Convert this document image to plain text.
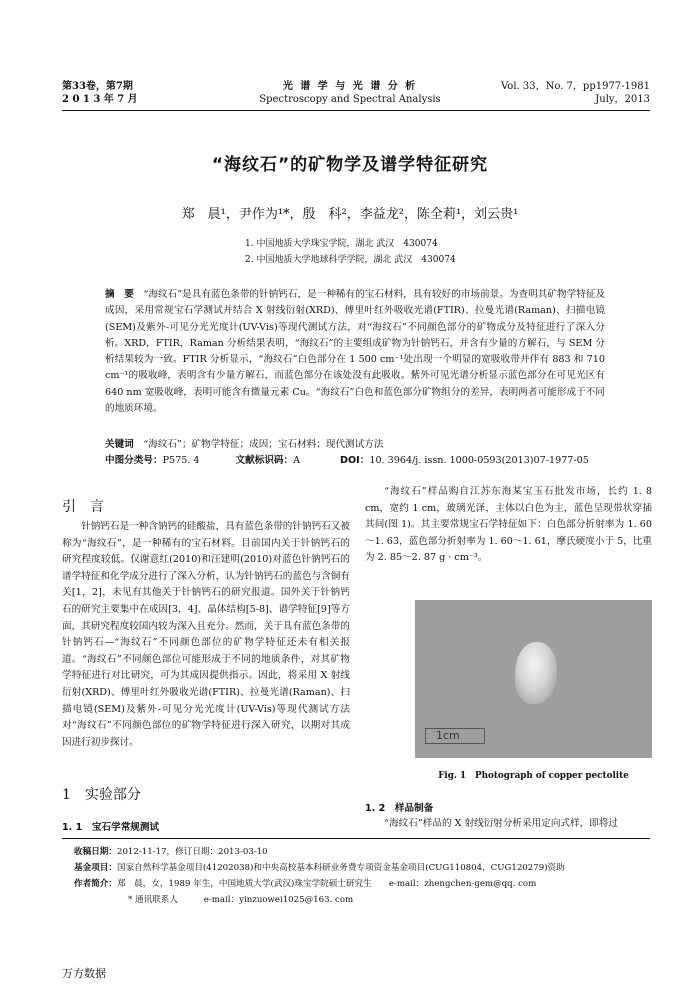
第33卷，第7期
2 0 1 3 年 7 月
光 谱 学 与 光 谱 分 析
Spectroscopy and Spectral Analysis
Vol. 33，No. 7，pp1977-1981
July，2013
“海纹石”的矿物学及谱学特征研究
郑　晨¹，尹作为¹*，殷　科²，李益龙²，陈全莉¹，刘云贵¹
1. 中国地质大学珠宝学院，湖北 武汉　430074
2. 中国地质大学地球科学学院，湖北 武汉　430074
摘　要　 “海纹石”是具有蓝色条带的针钠钙石，是一种稀有的宝石材料，具有较好的市场前景。为查明其矿物学特征及成因，采用常规宝石学测试并结合 X 射线衍射(XRD)、傅里叶红外吸收光谱(FTIR)、拉曼光谱(Raman)、扫描电镜(SEM)及紫外-可见分光光度计(UV-Vis)等现代测试方法，对“海纹石”不同颜色部分的矿物成分及特征进行了深入分析。XRD，FTIR，Raman 分析结果表明，“海纹石”的主要组成矿物为针钠钙石，并含有少量的方解石，与 SEM 分析结果较为一致。FTIR 分析显示，“海纹石”白色部分在 1 500 cm⁻¹处出现一个明显的宽吸收带并伴有 883 和 710 cm⁻¹的吸收峰，表明含有少量方解石，而蓝色部分在该处没有此吸收。紫外可见光谱分析显示蓝色部分在可见光区有 640 nm 宽吸收峰，表明可能含有微量元素 Cu。“海纹石”白色和蓝色部分矿物组分的差异，表明两者可能形成于不同的地质环境。
关键词　 “海纹石”；矿物学特征；成因；宝石材料；现代测试方法
中图分类号：P575. 4	文献标识码：A	DOI：10. 3964/j. issn. 1000-0593(2013)07-1977-05
引　言
针钠钙石是一种含钠钙的硅酸盐，具有蓝色条带的针钠钙石又被称为“海纹石”，是一种稀有的宝石材料。目前国内关于针钠钙石的研究程度较低。仅谢意红(2010)和汪建明(2010)对蓝色针钠钙石的谱学特征和化学成分进行了深入分析，认为针钠钙石的蓝色与含铜有关[1，2]，未见有其他关于针钠钙石的研究报道。国外关于针钠钙石的研究主要集中在成因[3，4]、晶体结构[5-8]、谱学特征[9]等方面，其研究程度较国内较为深入且充分。然而，关于具有蓝色条带的针钠钙石—“海纹石”不同颜色部位的矿物学特征还未有相关报道。“海纹石”不同颜色部位可能形成于不同的地质条件，对其矿物学特征进行对比研究，可为其成因提供指示。因此，将采用 X 射线衍射(XRD)、傅里叶红外吸收光谱(FTIR)、拉曼光谱(Raman)、扫描电镜(SEM)及紫外-可见分光光度计(UV-Vis)等现代测试方法对“海纹石”不同颜色部位的矿物学特征进行深入研究，以期对其成因进行初步探讨。
1　实验部分
1. 1　宝石学常规测试
“海纹石”样品购自江苏东海某宝玉石批发市场，长约 1. 8 cm，宽约 1 cm，玻璃光泽，主体以白色为主，蓝色呈现带状穿插其间(图 1)。其主要常规宝石学特征如下：白色部分折射率为 1. 60～1. 63，蓝色部分折射率为 1. 60～1. 61，摩氏硬度小于 5，比重为 2. 85～2. 87 g · cm⁻³。
1cm
Fig. 1　Photograph of copper pectolite
1. 2　样品制备
“海纹石”样品的 X 射线衍射分析采用定向式样，即将过
收稿日期：2012-11-17，修订日期：2013-03-10
基金项目：国家自然科学基金项目(41202038)和中央高校基本科研业务费专项资金基金项目(CUG110804，CUG120279)资助
作者简介：郑　晨，女，1989 年生，中国地质大学(武汉)珠宝学院硕士研究生　　e-mail：zhengchen-gem@qq. com
* 通讯联系人　　　	e-mail：yinzuowei1025@163. com
万方数据
